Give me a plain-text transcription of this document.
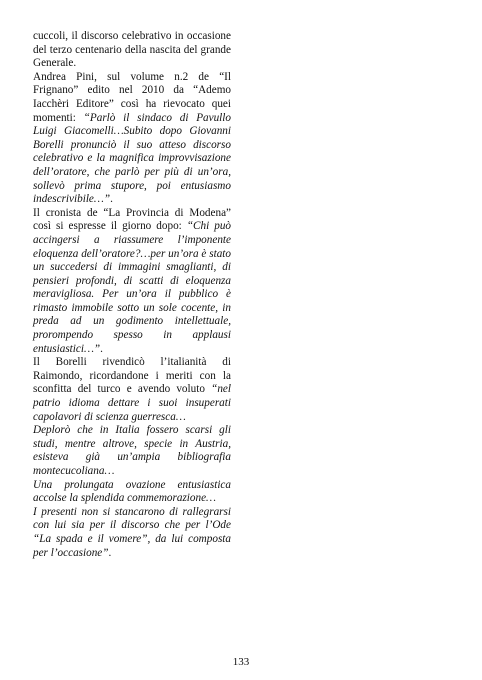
cuccoli, il discorso celebrativo in occasione del terzo centenario della nascita del grande Generale.

Andrea Pini, sul volume n.2 de “Il Frignano” edito nel 2010 da “Ademo Iacchèri Editore” così ha rievocato quei momenti: “Parlò il sindaco di Pavullo Luigi Giacomelli…Subito dopo Giovanni Borelli pronunciò il suo atteso discorso celebrativo e la magnifica improvvisazione dell’oratore, che parlò per più di un’ora, sollevò prima stupore, poi entusiasmo indescrivibile…”.

Il cronista de “La Provincia di Modena” così si espresse il giorno dopo: “Chi può accingersi a riassumere l’imponente eloquenza dell’oratore?…per un’ora è stato un succedersi di immagini smaglianti, di pensieri profondi, di scatti di eloquenza meravigliosa. Per un’ora il pubblico è rimasto immobile sotto un sole cocente, in preda ad un godimento intellettuale, prorompendo spesso in applausi entusiastici…”.

Il Borelli rivendicò l’italianità di Raimondo, ricordandone i meriti con la sconfitta del turco e avendo voluto “nel patrio idioma dettare i suoi insuperati capolavori di scienza guerresca…

Deplorò che in Italia fossero scarsi gli studi, mentre altrove, specie in Austria, esisteva già un’ampia bibliografia montecucoliana…

Una prolungata ovazione entusiastica accolse la splendida commemorazione…

I presenti non si stancarono di rallegrarsi con lui sia per il discorso che per l’Ode “La spada e il vomere”, da lui composta per l’occasione”.

133
